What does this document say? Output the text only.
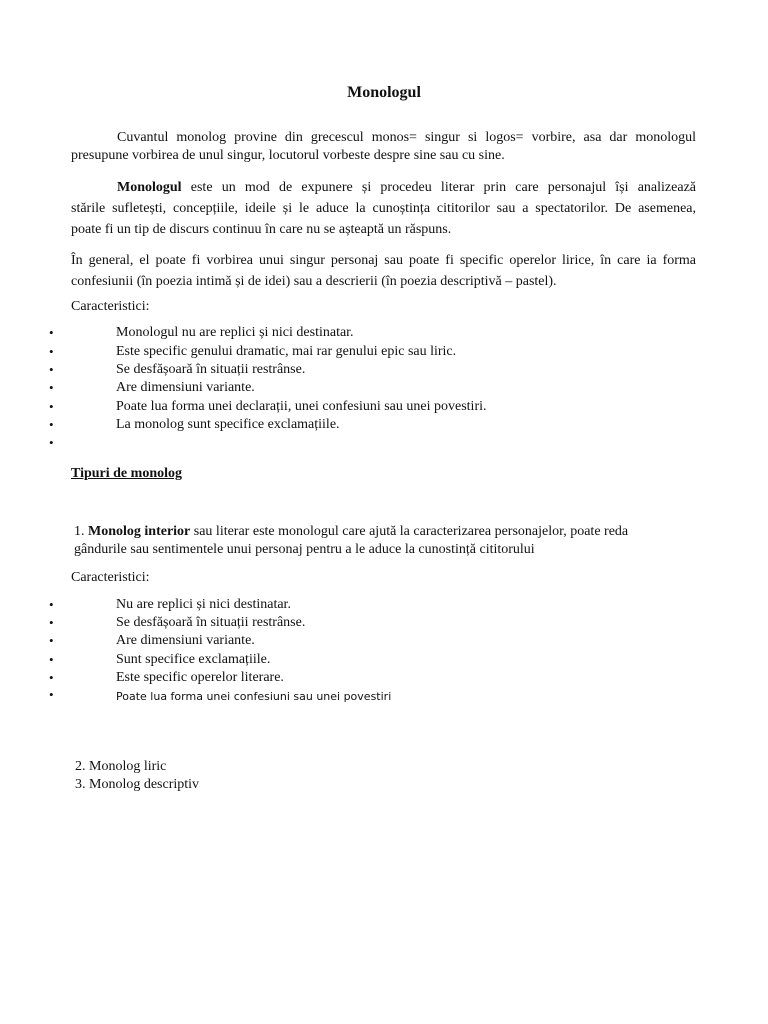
Monologul
Cuvantul monolog provine din grecescul monos= singur si logos= vorbire, asa dar monologul
presupune vorbirea de unul singur, locutorul vorbeste despre sine sau cu sine.
Monologul este un mod de expunere și procedeu literar prin care personajul își analizează
stările sufletești, concepțiile, ideile și le aduce la cunoștința cititorilor sau a spectatorilor. De asemenea,
poate fi un tip de discurs continuu în care nu se așteaptă un răspuns.
În general, el poate fi vorbirea unui singur personaj sau poate fi specific operelor lirice, în care ia forma
confesiunii (în poezia intimă și de idei) sau a descrierii (în poezia descriptivă – pastel).
Caracteristici:
•	Monologul nu are replici și nici destinatar.
•	Este specific genului dramatic, mai rar genului epic sau liric.
•	Se desfășoară în situații restrânse.
•	Are dimensiuni variante.
•	Poate lua forma unei declarații, unei confesiuni sau unei povestiri.
•	La monolog sunt specifice exclamațiile.
•
Tipuri de monolog
1. Monolog interior sau literar este monologul care ajută la caracterizarea personajelor, poate reda
gândurile sau sentimentele unui personaj pentru a le aduce la cunostință cititorului
Caracteristici:
•	Nu are replici și nici destinatar.
•	Se desfășoară în situații restrânse.
•	Are dimensiuni variante.
•	Sunt specifice exclamațiile.
•	Este specific operelor literare.
•	Poate lua forma unei confesiuni sau unei povestiri
2. Monolog liric
3. Monolog descriptiv
